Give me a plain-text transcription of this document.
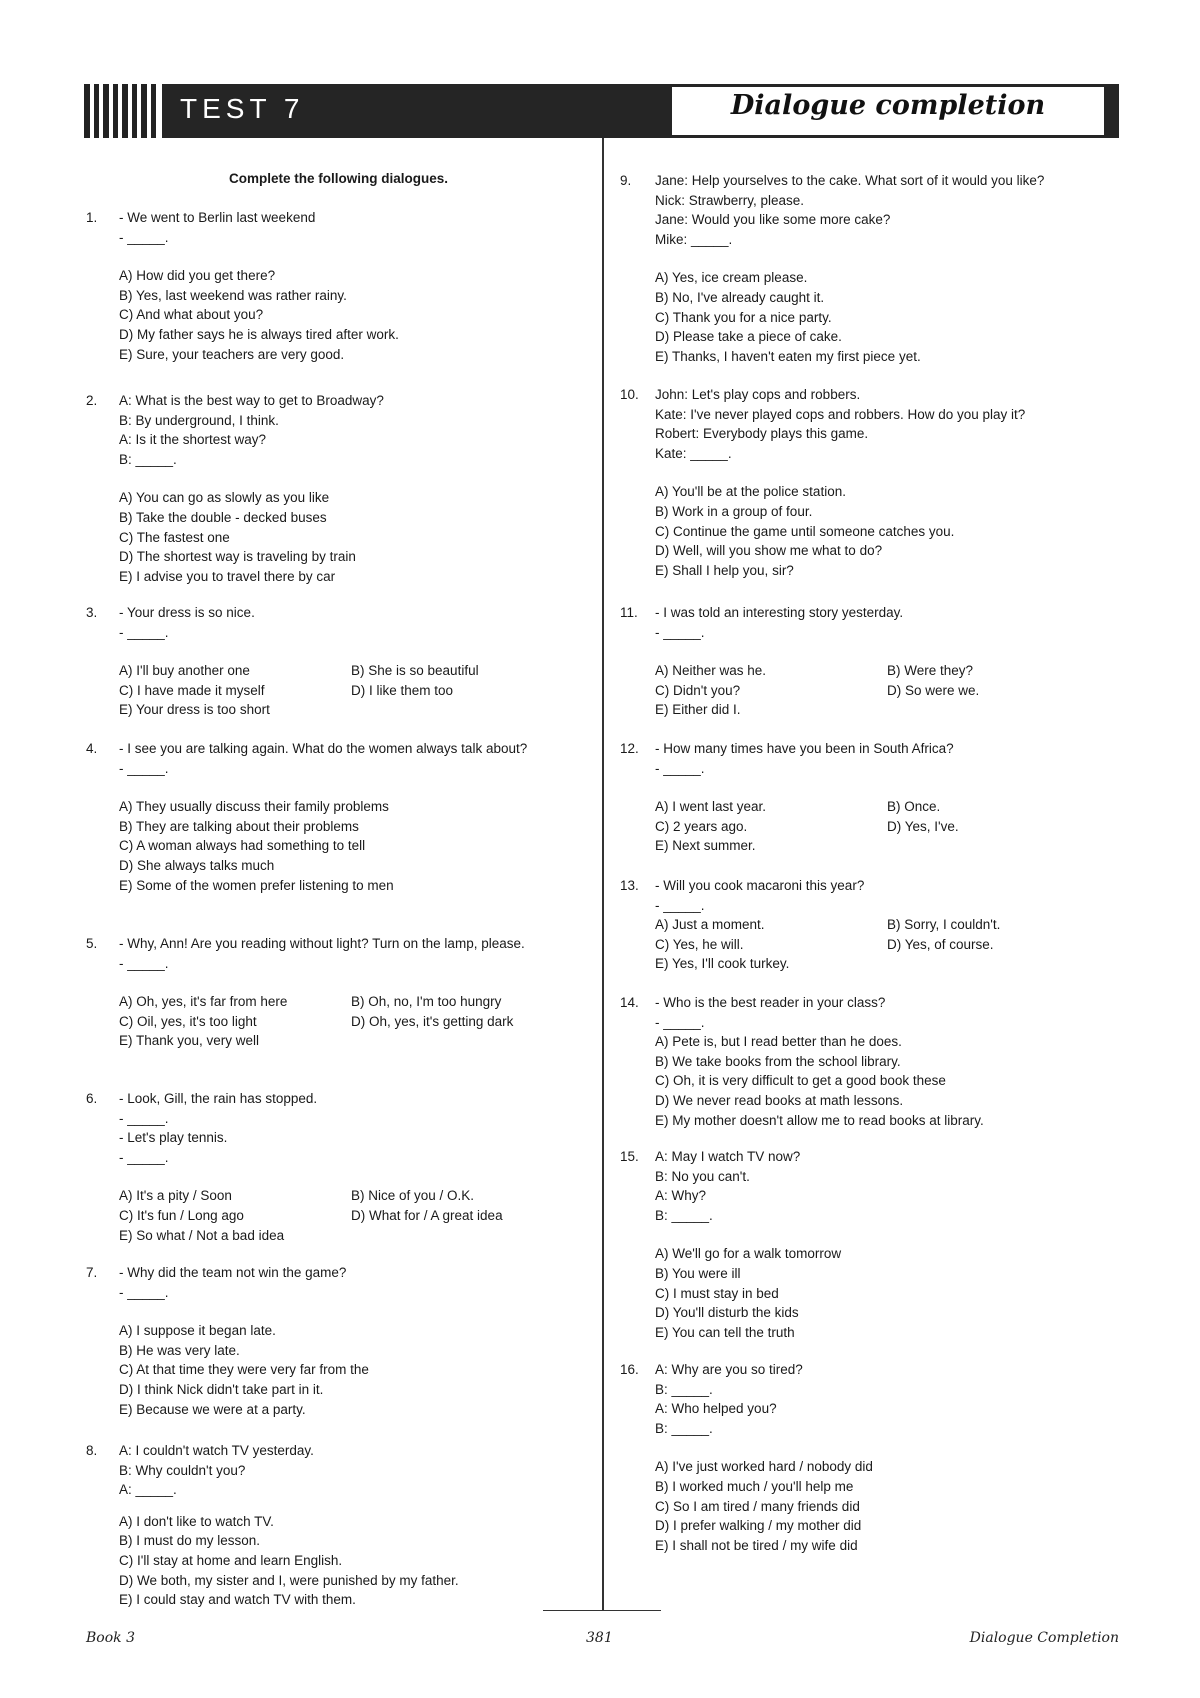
TEST 7	Dialogue completion
Complete the following dialogues.
1. - We went to Berlin last weekend
- _____.
A) How did you get there?
B) Yes, last weekend was rather rainy.
C) And what about you?
D) My father says he is always tired after work.
E) Sure, your teachers are very good.
2. A: What is the best way to get to Broadway?
B: By underground, I think.
A: Is it the shortest way?
B: _____.
A) You can go as slowly as you like
B) Take the double - decked buses
C) The fastest one
D) The shortest way is traveling by train
E) I advise you to travel there by car
3. - Your dress is so nice.
- _____.
A) I'll buy another one	B) She is so beautiful
C) I have made it myself	D) I like them too
E) Your dress is too short
4. - I see you are talking again. What do the women always talk about?
- _____.
A) They usually discuss their family problems
B) They are talking about their problems
C) A woman always had something to tell
D) She always talks much
E) Some of the women prefer listening to men
5. - Why, Ann! Are you reading without light? Turn on the lamp, please.
- _____.
A) Oh, yes, it's far from here	B) Oh, no, I'm too hungry
C) Oil, yes, it's too light	D) Oh, yes, it's getting dark
E) Thank you, very well
6. - Look, Gill, the rain has stopped.
- _____.
- Let's play tennis.
- _____.
A) It's a pity / Soon	B) Nice of you / O.K.
C) It's fun / Long ago	D) What for / A great idea
E) So what / Not a bad idea
7. - Why did the team not win the game?
- _____.
A) I suppose it began late.
B) He was very late.
C) At that time they were very far from the
D) I think Nick didn't take part in it.
E) Because we were at a party.
8. A: I couldn't watch TV yesterday.
B: Why couldn't you?
A: _____.
A) I don't like to watch TV.
B) I must do my lesson.
C) I'll stay at home and learn English.
D) We both, my sister and I, were punished by my father.
E) I could stay and watch TV with them.
9. Jane: Help yourselves to the cake. What sort of it would you like?
Nick: Strawberry, please.
Jane: Would you like some more cake?
Mike: _____.
A) Yes, ice cream please.
B) No, I've already caught it.
C) Thank you for a nice party.
D) Please take a piece of cake.
E) Thanks, I haven't eaten my first piece yet.
10. John: Let's play cops and robbers.
Kate: I've never played cops and robbers. How do you play it?
Robert: Everybody plays this game.
Kate: _____.
A) You'll be at the police station.
B) Work in a group of four.
C) Continue the game until someone catches you.
D) Well, will you show me what to do?
E) Shall I help you, sir?
11. - I was told an interesting story yesterday.
- _____.
A) Neither was he.	B) Were they?
C) Didn't you?	D) So were we.
E) Either did I.
12. - How many times have you been in South Africa?
- _____.
A) I went last year.	B) Once.
C) 2 years ago.	D) Yes, I've.
E) Next summer.
13. - Will you cook macaroni this year?
- _____.
A) Just a moment.	B) Sorry, I couldn't.
C) Yes, he will.	D) Yes, of course.
E) Yes, I'll cook turkey.
14. - Who is the best reader in your class?
- _____.
A) Pete is, but I read better than he does.
B) We take books from the school library.
C) Oh, it is very difficult to get a good book these
D) We never read books at math lessons.
E) My mother doesn't allow me to read books at library.
15. A: May I watch TV now?
B: No you can't.
A: Why?
B: _____.
A) We'll go for a walk tomorrow
B) You were ill
C) I must stay in bed
D) You'll disturb the kids
E) You can tell the truth
16. A: Why are you so tired?
B: _____.
A: Who helped you?
B: _____.
A) I've just worked hard / nobody did
B) I worked much / you'll help me
C) So I am tired / many friends did
D) I prefer walking / my mother did
E) I shall not be tired / my wife did
Book 3	381	Dialogue Completion
